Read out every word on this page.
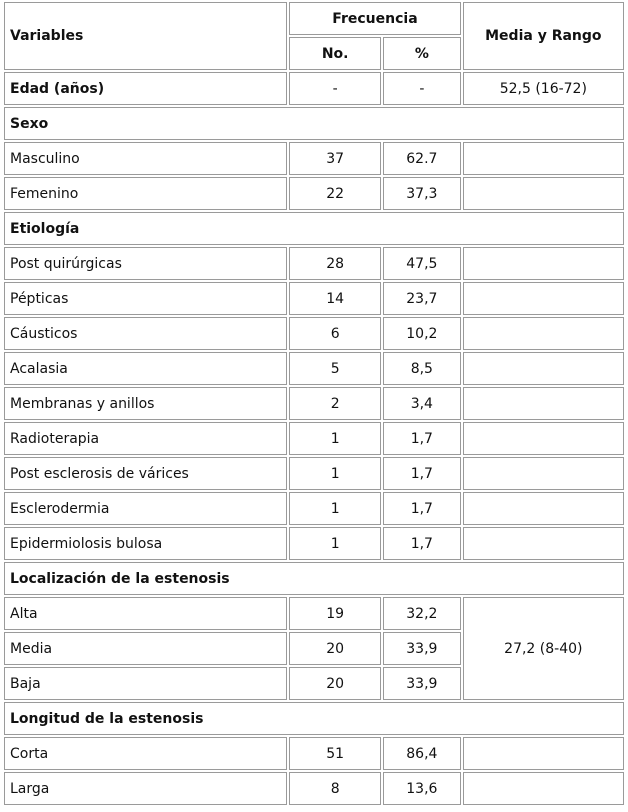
Variables	Frecuencia		Media y Rango
	No.	%	
Edad (años)	-	-	52,5 (16-72)
Sexo			
Masculino	37	62.7	
Femenino	22	37,3	
Etiología			
Post quirúrgicas	28	47,5	
Pépticas	14	23,7	
Cáusticos	6	10,2	
Acalasia	5	8,5	
Membranas y anillos	2	3,4	
Radioterapia	1	1,7	
Post esclerosis de várices	1	1,7	
Esclerodermia	1	1,7	
Epidermiolosis bulosa	1	1,7	
Localización de la estenosis			
Alta	19	32,2	27,2 (8-40)
Media	20	33,9	
Baja	20	33,9	
Longitud de la estenosis			
Corta	51	86,4	
Larga	8	13,6	
